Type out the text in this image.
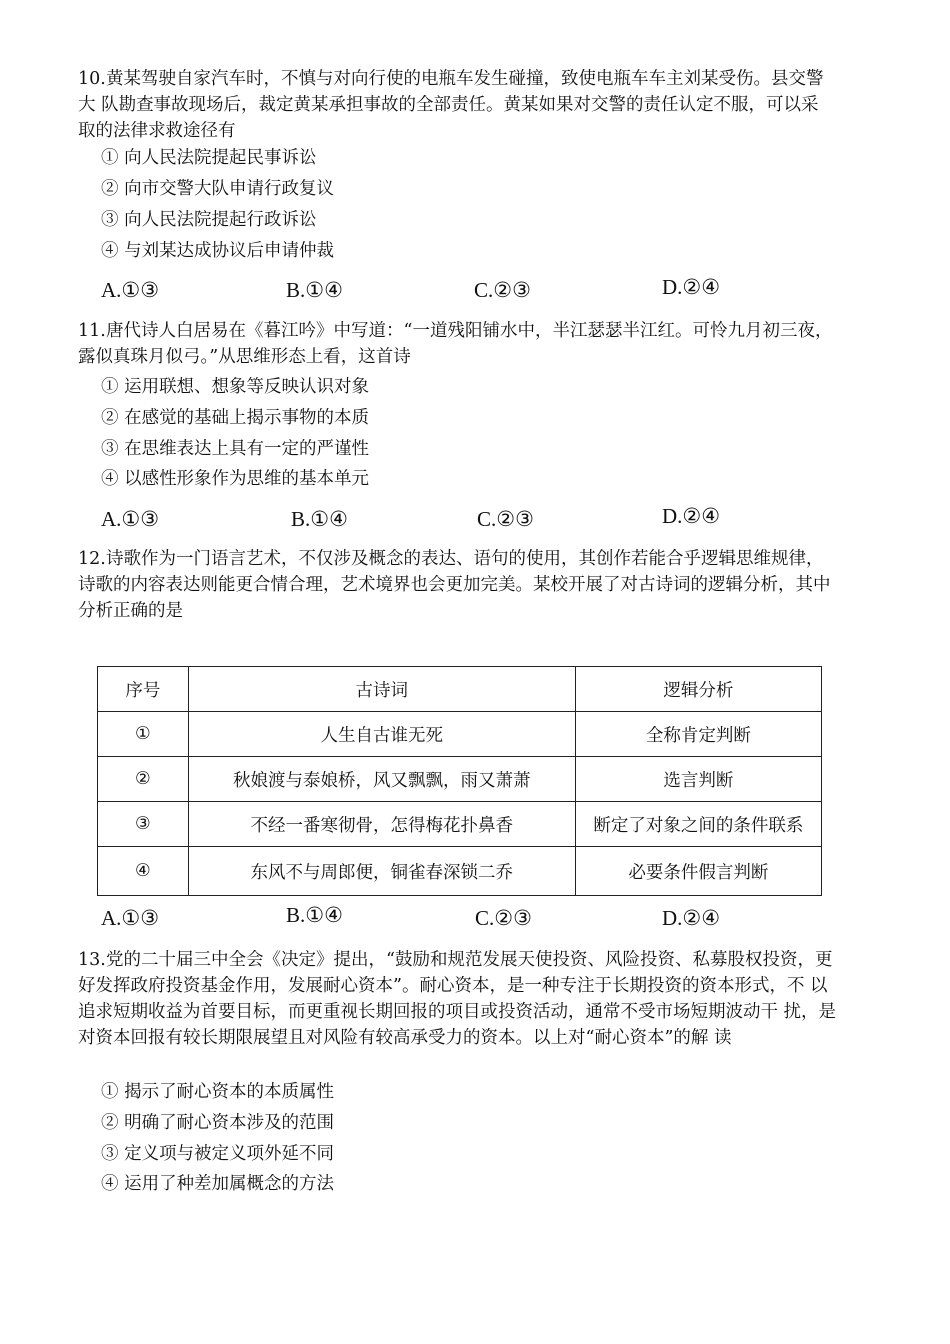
10.黄某驾驶自家汽车时，不慎与对向行使的电瓶车发生碰撞，致使电瓶车车主刘某受伤。县交警大 队勘查事故现场后，裁定黄某承担事故的全部责任。黄某如果对交警的责任认定不服，可以采 取的法律求救途径有
① 向人民法院提起民事诉讼
② 向市交警大队申请行政复议
③ 向人民法院提起行政诉讼
④ 与刘某达成协议后申请仲裁
A.①③	B.①④	C.②③	D.②④
11.唐代诗人白居易在《暮江吟》中写道：“一道残阳铺水中，半江瑟瑟半江红。可怜九月初三夜， 露似真珠月似弓。”从思维形态上看，这首诗
① 运用联想、想象等反映认识对象
② 在感觉的基础上揭示事物的本质
③ 在思维表达上具有一定的严谨性
④ 以感性形象作为思维的基本单元
A.①③	B.①④	C.②③	D.②④
12.诗歌作为一门语言艺术，不仅涉及概念的表达、语句的使用，其创作若能合乎逻辑思维规律，诗歌的内容表达则能更合情合理，艺术境界也会更加完美。某校开展了对古诗词的逻辑分析，其中分析正确的是
序号	古诗词	逻辑分析
①	人生自古谁无死	全称肯定判断
②	秋娘渡与泰娘桥，风又飘飘，雨又萧萧	选言判断
③	不经一番寒彻骨，怎得梅花扑鼻香	断定了对象之间的条件联系
④	东风不与周郎便，铜雀春深锁二乔	必要条件假言判断
A.①③	B.①④	C.②③	D.②④
13.党的二十届三中全会《决定》提出，“鼓励和规范发展天使投资、风险投资、私募股权投资，更 好发挥政府投资基金作用，发展耐心资本”。耐心资本，是一种专注于长期投资的资本形式，不 以追求短期收益为首要目标，而更重视长期回报的项目或投资活动，通常不受市场短期波动干 扰，是对资本回报有较长期限展望且对风险有较高承受力的资本。以上对“耐心资本”的解 读
① 揭示了耐心资本的本质属性
② 明确了耐心资本涉及的范围
③ 定义项与被定义项外延不同
④ 运用了种差加属概念的方法
